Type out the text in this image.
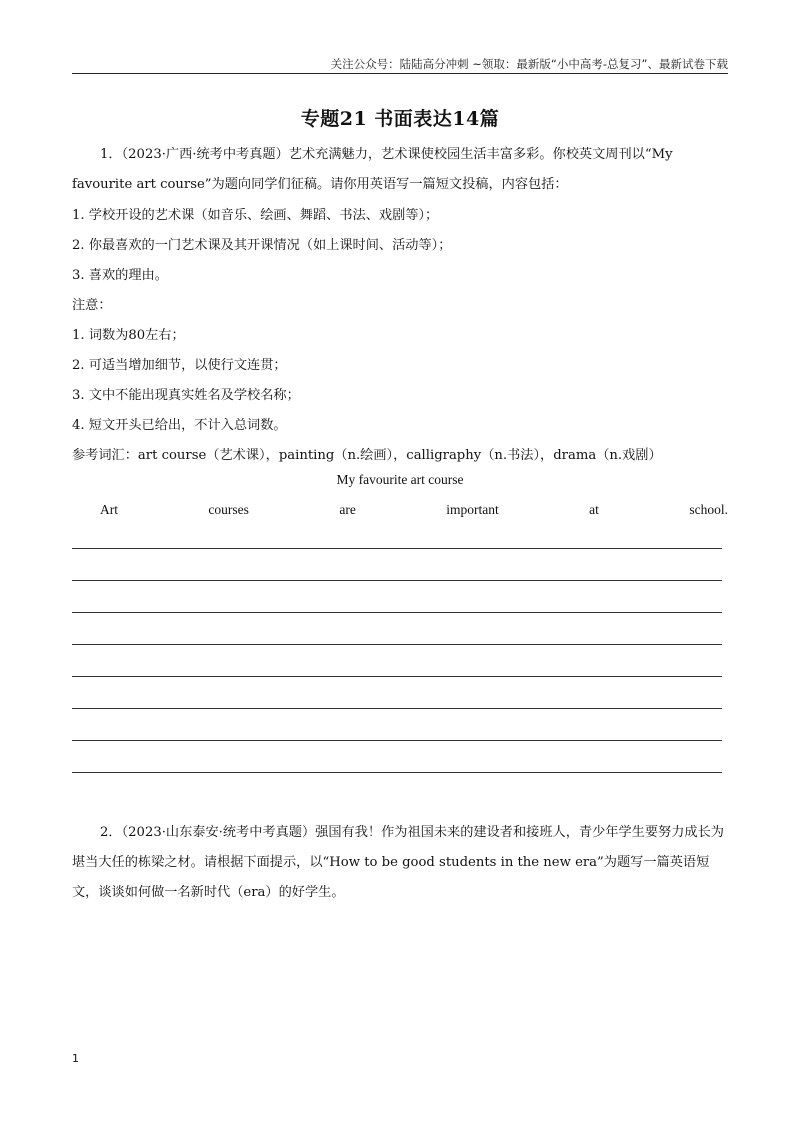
关注公众号：陆陆高分冲刺 ~领取：最新版“小中高考-总复习”、最新试卷下载
专题21 书面表达14篇
1．（2023·广西·统考中考真题）艺术充满魅力，艺术课使校园生活丰富多彩。你校英文周刊以“My favourite art course”为题向同学们征稿。请你用英语写一篇短文投稿，内容包括：
1. 学校开设的艺术课（如音乐、绘画、舞蹈、书法、戏剧等）；
2. 你最喜欢的一门艺术课及其开课情况（如上课时间、活动等）；
3. 喜欢的理由。
注意：
1. 词数为80左右；
2. 可适当增加细节，以使行文连贯；
3. 文中不能出现真实姓名及学校名称；
4. 短文开头已给出，不计入总词数。
参考词汇：art course（艺术课），painting（n.绘画），calligraphy（n.书法），drama（n.戏剧）
My favourite art course
Art	courses	are	important	at	school.
2．（2023·山东泰安·统考中考真题）强国有我！作为祖国未来的建设者和接班人，青少年学生要努力成长为堪当大任的栋梁之材。请根据下面提示，以“How to be good students in the new era”为题写一篇英语短文，谈谈如何做一名新时代（era）的好学生。
1
